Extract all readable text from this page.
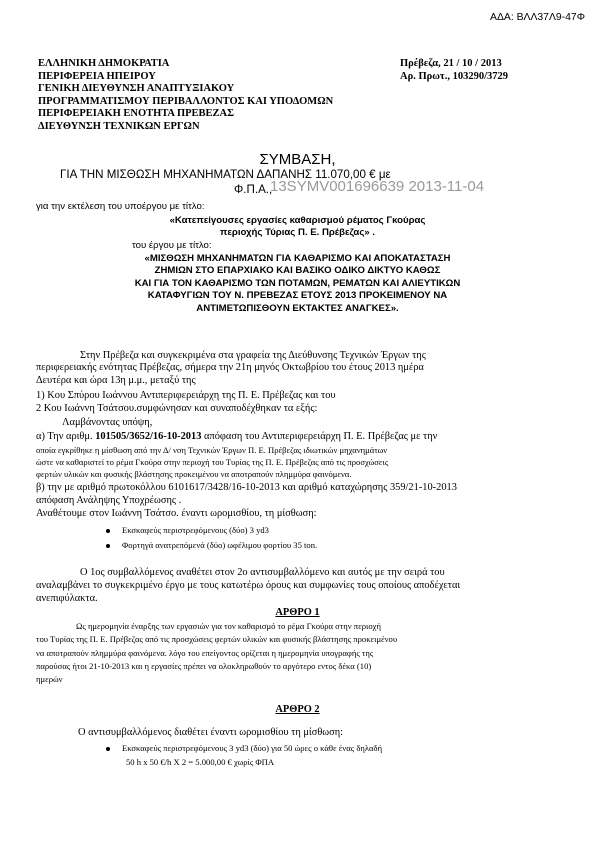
ΑΔΑ: ΒΛΛ37Λ9-47Φ
ΕΛΛΗΝΙΚΗ ΔΗΜΟΚΡΑΤΙΑ
ΠΕΡΙΦΕΡΕΙΑ ΗΠΕΙΡΟΥ
ΓΕΝΙΚΗ ΔΙΕΥΘΥΝΣΗ ΑΝΑΠΤΥΞΙΑΚΟΥ
ΠΡΟΓΡΑΜΜΑΤΙΣΜΟΥ ΠΕΡΙΒΑΛΛΟΝΤΟΣ ΚΑΙ ΥΠΟΔΟΜΩΝ
ΠΕΡΙΦΕΡΕΙΑΚΗ ΕΝΟΤΗΤΑ ΠΡΕΒΕΖΑΣ
ΔΙΕΥΘΥΝΣΗ ΤΕΧΝΙΚΩΝ ΕΡΓΩΝ
Πρέβεζα, 21 / 10 / 2013
Αρ. Πρωτ., 103290/3729
ΣΥΜΒΑΣΗ,
ΓΙΑ ΤΗΝ ΜΙΣΘΩΣΗ ΜΗΧΑΝΗΜΑΤΩΝ ΔΑΠΑΝΗΣ 11.070,00 € με
Φ.Π.Α.,
13SYMV001696639 2013-11-04
για την εκτέλεση του υποέργου με τίτλο:
«Κατεπείγουσες εργασίες καθαρισμού ρέματος Γκούρας
περιοχής Τύριας Π. Ε. Πρέβεζας» .
του έργου με τίτλο:
«ΜΙΣΘΩΣΗ ΜΗΧΑΝΗΜΑΤΩΝ ΓΙΑ ΚΑΘΑΡΙΣΜΟ ΚΑΙ ΑΠΟΚΑΤΑΣΤΑΣΗ
ΖΗΜΙΩΝ ΣΤΟ ΕΠΑΡΧΙΑΚΟ ΚΑΙ ΒΑΣΙΚΟ ΟΔΙΚΟ ΔΙΚΤΥΟ ΚΑΘΩΣ
ΚΑΙ ΓΙΑ ΤΟΝ ΚΑΘΑΡΙΣΜΟ ΤΩΝ ΠΟΤΑΜΩΝ, ΡΕΜΑΤΩΝ ΚΑΙ ΑΛΙΕΥΤΙΚΩΝ
ΚΑΤΑΦΥΓΙΩΝ ΤΟΥ Ν. ΠΡΕΒΕΖΑΣ ΕΤΟΥΣ 2013 ΠΡΟΚΕΙΜΕΝΟΥ ΝΑ
ΑΝΤΙΜΕΤΩΠΙΣΘΟΥΝ ΕΚΤΑΚΤΕΣ ΑΝΑΓΚΕΣ».
Στην Πρέβεζα και συγκεκριμένα στα γραφεία της Διεύθυνσης Τεχνικών Έργων της
περιφερειακής ενότητας Πρέβεζας, σήμερα την 21η μηνός Οκτωβρίου του έτους 2013 ημέρα
Δευτέρα και ώρα 13η μ.μ., μεταξύ της
1) Κου Σπύρου Ιωάννου Αντιπεριφερειάρχη της Π. Ε. Πρέβεζας και του
2 Κου Ιωάννη Τσάτσου.συμφώνησαν και συναποδέχθηκαν τα εξής:
Λαμβάνοντας υπόψη,
α) Την αριθμ. 101505/3652/16-10-2013 απόφαση του Αντιπεριφερειάρχη Π. Ε. Πρέβεζας με την
οποία εγκρίθηκε η μίσθωση από την Δ/ νση Τεχνικών Έργων Π. Ε. Πρέβεζας ιδιωτικών μηχανημάτων
ώστε να καθαριστεί το ρέμα Γκούρα στην περιοχή του Τυρίας της Π. Ε. Πρέβεζας από τις προσχώσεις
φερτών υλικών και φυσικής βλάστησης προκειμένου να αποτραπούν πλημμύρα φαινόμενα.
β) την με αριθμό πρωτοκόλλου 6101617/3428/16-10-2013 και αριθμό καταχώρησης 359/21-10-2013
απόφαση Ανάληψης Υποχρέωσης .
Αναθέτουμε στον Ιωάννη Τσάτσο. έναντι ωρομισθίου, τη μίσθωση:
Εκσκαφεύς περιστρεφόμενους (δύο) 3 yd3
Φορτηγά ανατρεπόμενά (δύο) ωφέλιμου φορτίου 35 ton.
Ο 1ος συμβαλλόμενος αναθέτει στον 2ο αντισυμβαλλόμενο και αυτός με την σειρά του
αναλαμβάνει το συγκεκριμένο έργο με τους κατωτέρω όρους και συμφωνίες τους οποίους αποδέχεται
ανεπιφύλακτα.
ΑΡΘΡΟ 1
Ως ημερομηνία έναρξης των εργασιών για τον καθαρισμό το ρέμα Γκούρα στην περιοχή
του Τυρίας της Π. Ε. Πρέβεζας από τις προσχώσεις φερτών υλικών και φυσικής βλάστησης προκειμένου
να αποτραπούν πλημμύρα φαινόμενα. λόγο του επείγοντος ορίζεται η ημερομηνία υπογραφής της
παρούσας ήτοι 21-10-2013 και η εργασίες πρέπει να ολοκληρωθούν το αργότερο εντος δέκα (10)
ημερών
ΑΡΘΡΟ 2
Ο αντισυμβαλλόμενος διαθέτει έναντι ωρομισθίου τη μίσθωση:
Εκσκαφεύς περιστρεφόμενους 3 yd3 (δύο) για 50 ώρες ο κάθε ένας δηλαδή
50 h x 50 €/h X 2 = 5.000,00 € χωρίς ΦΠΑ
